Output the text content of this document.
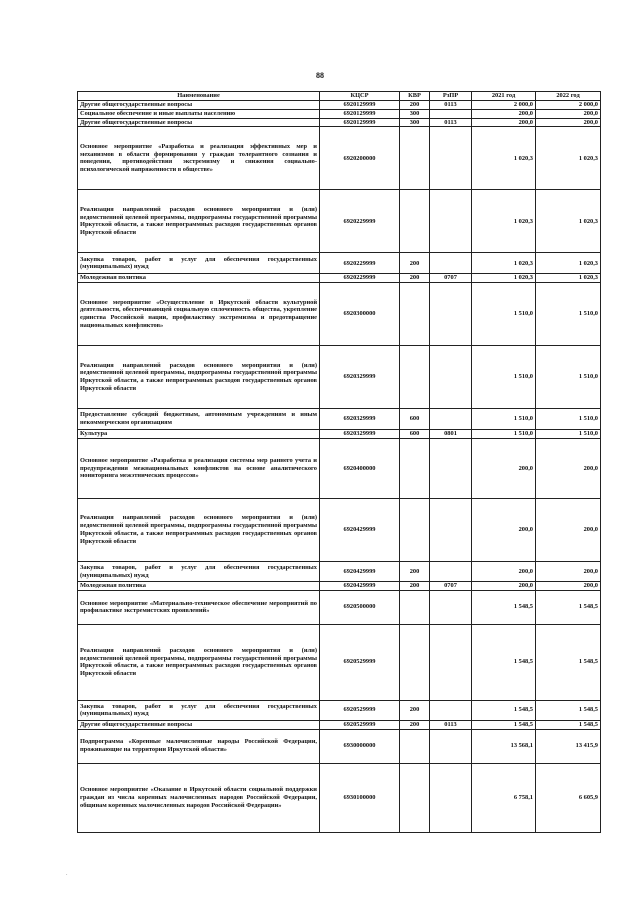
88
Наименование	КЦСР	КВР	РзПР	2021 год	2022 год
Другие общегосударственные вопросы	6920129999	200	0113	2 000,0	2 000,0
Социальное обеспечение и иные выплаты населению	6920129999	300		200,0	200,0
Другие общегосударственные вопросы	6920129999	300	0113	200,0	200,0
Основное мероприятие «Разработка и реализация эффективных мер и механизмов в области формирования у граждан толерантного сознания и поведения, противодействия экстремизму и снижения социально-психологической напряженности в обществе»	6920200000			1 020,3	1 020,3
Реализация направлений расходов основного мероприятия и (или) ведомственной целевой программы, подпрограммы государственной программы Иркутской области, а также непрограммных расходов государственных органов Иркутской области	6920229999			1 020,3	1 020,3
Закупка товаров, работ и услуг для обеспечения государственных (муниципальных) нужд	6920229999	200		1 020,3	1 020,3
Молодежная политика	6920229999	200	0707	1 020,3	1 020,3
Основное мероприятие «Осуществление в Иркутской области культурной деятельности, обеспечивающей социальную сплоченность общества, укрепление единства Российской нации, профилактику экстремизма и предотвращение национальных конфликтов»	6920300000			1 510,0	1 510,0
Реализация направлений расходов основного мероприятия и (или) ведомственной целевой программы, подпрограммы государственной программы Иркутской области, а также непрограммных расходов государственных органов Иркутской области	6920329999			1 510,0	1 510,0
Предоставление субсидий бюджетным, автономным учреждениям и иным некоммерческим организациям	6920329999	600		1 510,0	1 510,0
Культура	6920329999	600	0801	1 510,0	1 510,0
Основное мероприятие «Разработка и реализация системы мер раннего учета и предупреждения межнациональных конфликтов на основе аналитического мониторинга межэтнических процессов»	6920400000			200,0	200,0
Реализация направлений расходов основного мероприятия и (или) ведомственной целевой программы, подпрограммы государственной программы Иркутской области, а также непрограммных расходов государственных органов Иркутской области	6920429999			200,0	200,0
Закупка товаров, работ и услуг для обеспечения государственных (муниципальных) нужд	6920429999	200		200,0	200,0
Молодежная политика	6920429999	200	0707	200,0	200,0
Основное мероприятие «Материально-техническое обеспечение мероприятий по профилактике экстремистских проявлений»	6920500000			1 548,5	1 548,5
Реализация направлений расходов основного мероприятия и (или) ведомственной целевой программы, подпрограммы государственной программы Иркутской области, а также непрограммных расходов государственных органов Иркутской области	6920529999			1 548,5	1 548,5
Закупка товаров, работ и услуг для обеспечения государственных (муниципальных) нужд	6920529999	200		1 548,5	1 548,5
Другие общегосударственные вопросы	6920529999	200	0113	1 548,5	1 548,5
Подпрограмма «Коренные малочисленные народы Российской Федерации, проживающие на территории Иркутской области»	6930000000			13 568,1	13 415,9
Основное мероприятие «Оказание в Иркутской области социальной поддержки граждан из числа коренных малочисленных народов Российской Федерации, общинам коренных малочисленных народов Российской Федерации»	6930100000			6 758,1	6 605,9
.
